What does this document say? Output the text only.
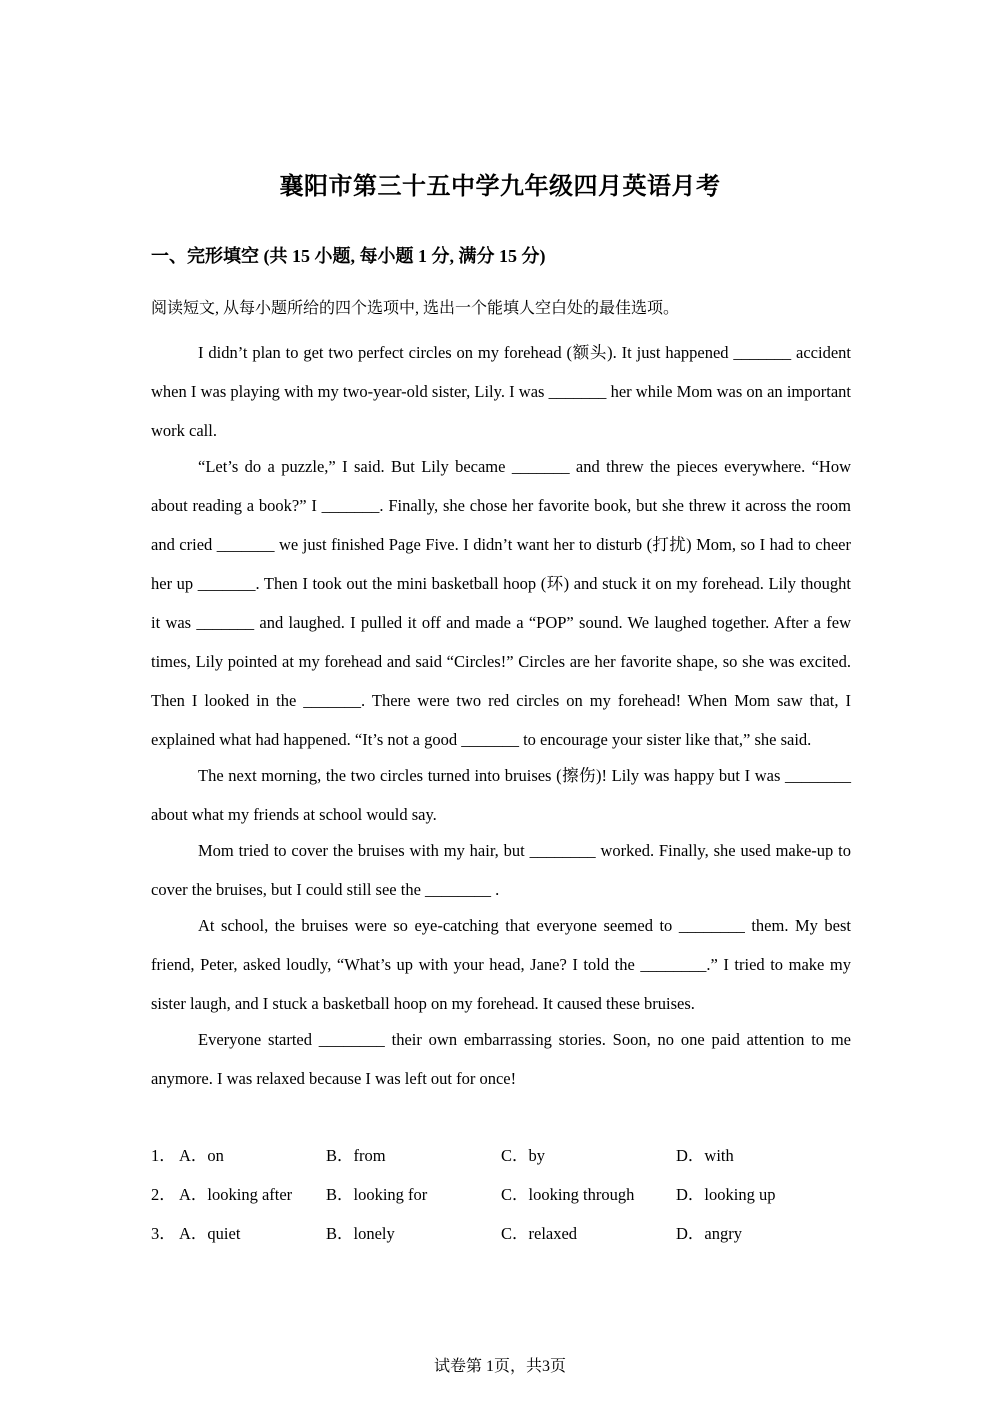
襄阳市第三十五中学九年级四月英语月考
一、完形填空 (共 15 小题, 每小题 1 分, 满分 15 分)
阅读短文, 从每小题所给的四个选项中, 选出一个能填人空白处的最佳选项。

I didn’t plan to get two perfect circles on my forehead (额头). It just happened _______ accident when I was playing with my two-year-old sister, Lily. I was _______ her while Mom was on an important work call.

“Let’s do a puzzle,” I said. But Lily became _______ and threw the pieces everywhere. “How about reading a book?” I _______. Finally, she chose her favorite book, but she threw it across the room and cried _______ we just finished Page Five. I didn’t want her to disturb (打扰) Mom, so I had to cheer her up _______. Then I took out the mini basketball hoop (环) and stuck it on my forehead. Lily thought it was _______ and laughed. I pulled it off and made a “POP” sound. We laughed together. After a few times, Lily pointed at my forehead and said “Circles!” Circles are her favorite shape, so she was excited. Then I looked in the _______. There were two red circles on my forehead! When Mom saw that, I explained what had happened. “It’s not a good _______ to encourage your sister like that,” she said.

The next morning, the two circles turned into bruises (擦伤)! Lily was happy but I was ________ about what my friends at school would say.

Mom tried to cover the bruises with my hair, but ________ worked. Finally, she used make-up to cover the bruises, but I could still see the ________ .

At school, the bruises were so eye-catching that everyone seemed to ________ them. My best friend, Peter, asked loudly, “What’s up with your head, Jane? I told the ________.” I tried to make my sister laugh, and I stuck a basketball hoop on my forehead. It caused these bruises.

Everyone started ________ their own embarrassing stories. Soon, no one paid attention to me anymore. I was relaxed because I was left out for once!

1． A．on	B．from	C．by	D．with
2． A．looking after	B．looking for	C．looking through	D．looking up
3． A．quiet	B．lonely	C．relaxed	D．angry
试卷第 1页，共3页
